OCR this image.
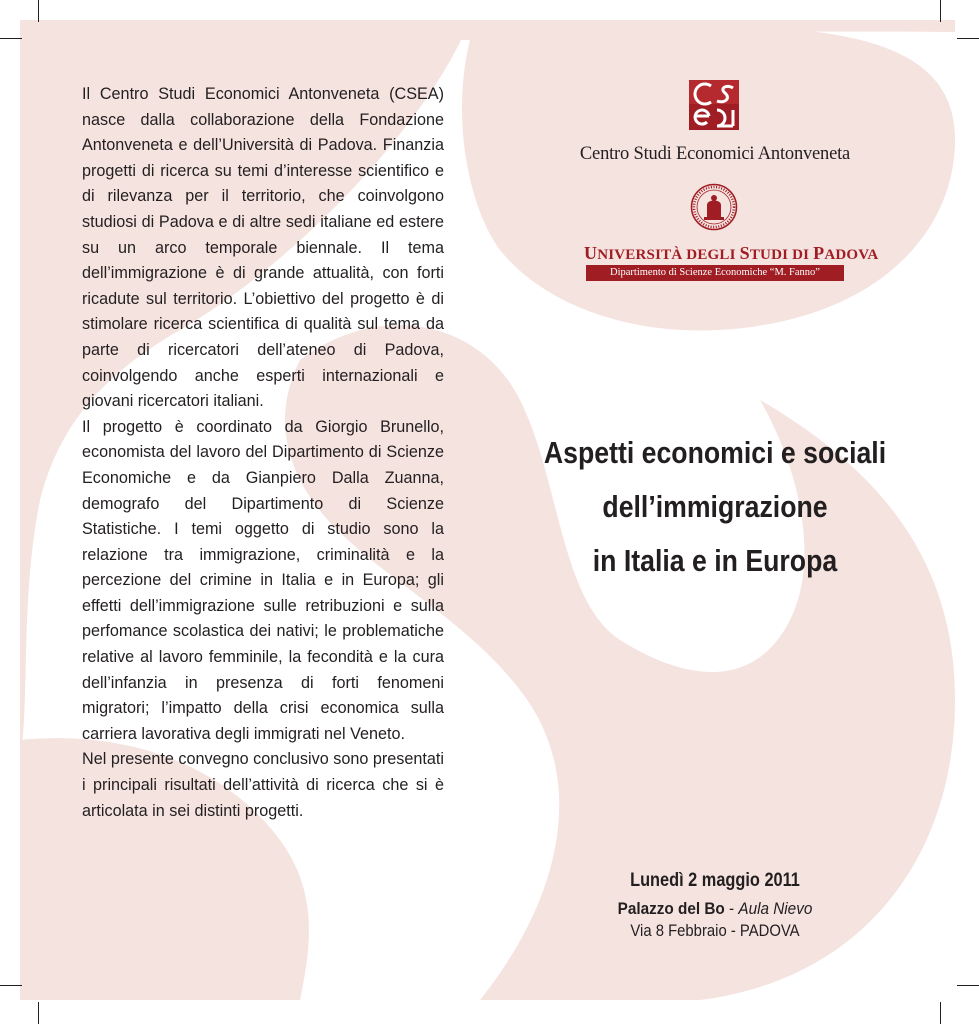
Il Centro Studi Economici Antonveneta (CSEA) nasce dalla collaborazione della Fondazione Antonveneta e dell’Università di Padova. Finanzia progetti di ricerca su temi d’interesse scientifico e di rilevanza per il territorio, che coinvolgono studiosi di Padova e di altre sedi italiane ed estere su un arco temporale biennale. Il tema dell’immigrazione è di grande attualità, con forti ricadute sul territorio. L’obiettivo del progetto è di stimolare ricerca scientifica di qualità sul tema da parte di ricercatori dell’ateneo di Padova, coinvolgendo anche esperti internazionali e giovani ricercatori italiani.

Il progetto è coordinato da Giorgio Brunello, economista del lavoro del Dipartimento di Scienze Economiche e da Gianpiero Dalla Zuanna, demografo del Dipartimento di Scienze Statistiche. I temi oggetto di studio sono la relazione tra immigrazione, criminalità e la percezione del crimine in Italia e in Europa; gli effetti dell’immigrazione sulle retribuzioni e sulla perfomance scolastica dei nativi; le problematiche relative al lavoro femminile, la fecondità e la cura dell’infanzia in presenza di forti fenomeni migratori; l’impatto della crisi economica sulla carriera lavorativa degli immigrati nel Veneto.

Nel presente convegno conclusivo sono presentati i principali risultati dell’attività di ricerca che si è articolata in sei distinti progetti.

Centro Studi Economici Antonveneta
UNIVERSITÀ DEGLI STUDI DI PADOVA
Dipartimento di Scienze Economiche “M. Fanno”
Aspetti economici e sociali
dell’immigrazione
in Italia e in Europa
Lunedì 2 maggio 2011
Palazzo del Bo - Aula Nievo
Via 8 Febbraio - PADOVA
